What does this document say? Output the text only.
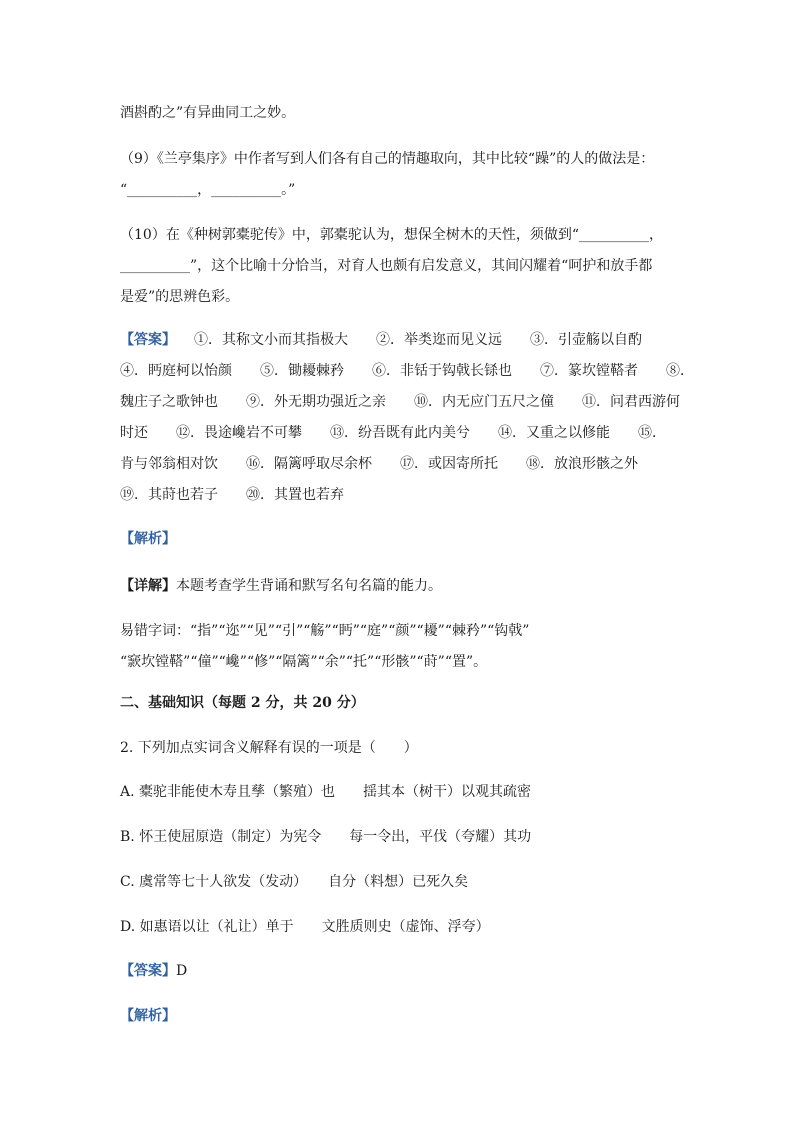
酒斟酌之”有异曲同工之妙。
（9）《兰亭集序》中作者写到人们各有自己的情趣取向，其中比较“躁”的人的做法是：
“__________，__________。”
（10）在《种树郭橐驼传》中，郭橐驼认为，想保全树木的天性，须做到“__________，
__________”，这个比喻十分恰当，对育人也颇有启发意义，其间闪耀着“呵护和放手都
是爱”的思辨色彩。
【答案】 ①．其称文小而其指极大　　②．举类迩而见义远　　③．引壶觞以自酌
④．眄庭柯以怡颜　　⑤．锄耰棘矜　　⑥．非铦于钩戟长铩也　　⑦．篆坎镗鞳者　　⑧．
魏庄子之歌钟也　　⑨．外无期功强近之亲　　⑩．内无应门五尺之僮　　⑪．问君西游何
时还　　⑫．畏途巉岩不可攀　　⑬．纷吾既有此内美兮　　⑭．又重之以修能　　⑮．
肯与邻翁相对饮　　⑯．隔篱呼取尽余杯　　⑰．或因寄所托　　⑱．放浪形骸之外
⑲．其莳也若子　　⑳．其置也若弃
【解析】
【详解】本题考查学生背诵和默写名句名篇的能力。
易错字词：“指”“迩”“见”“引”“觞”“眄”“庭”“颜”“耰”“棘矜”“钩戟”
“窾坎镗鞳”“僮”“巉”“修”“隔篱”“余”“托”“形骸”“莳”“置”。
二、基础知识（每题 2 分，共 20 分）
2. 下列加点实词含义解释有误的一项是（　　）
A. 橐驼非能使木寿且孳（繁殖）也　　揺其本（树干）以观其疏密
B. 怀王使屈原造（制定）为宪令　　每一令出，平伐（夸耀）其功
C. 虞常等七十人欲发（发动）　　自分（料想）已死久矣
D. 如惠语以让（礼让）单于　　文胜质则史（虚饰、浮夸）
【答案】D
【解析】
